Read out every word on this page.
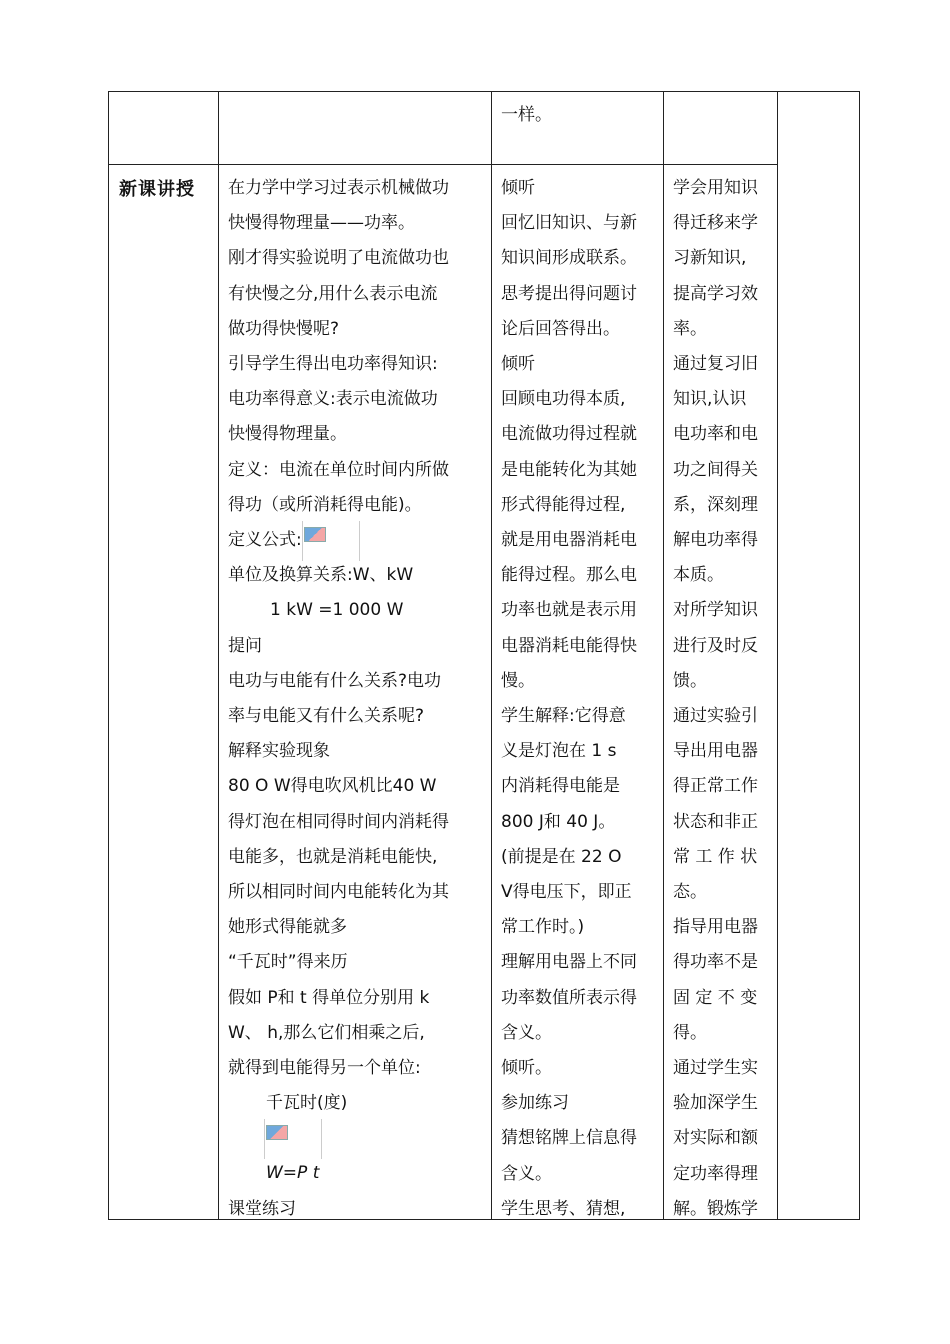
一样。
新课讲授 在力学中学习过表示机械做功
快慢得物理量——功率。
刚才得实验说明了电流做功也
有快慢之分,用什么表示电流
做功得快慢呢?
引导学生得出电功率得知识:
电功率得意义:表示电流做功
快慢得物理量。
定义：电流在单位时间内所做
得功（或所消耗得电能)。
定义公式:
单位及换算关系:W、kW
1 kW =1 000 W
提问
电功与电能有什么关系?电功
率与电能又有什么关系呢?
解释实验现象
80 O W得电吹风机比40 W
得灯泡在相同得时间内消耗得
电能多，也就是消耗电能快,
所以相同时间内电能转化为其
她形式得能就多
“千瓦时”得来历
假如 P和 t 得单位分别用 k
W、 h,那么它们相乘之后,
就得到电能得另一个单位:
千瓦时(度)
W=P t
课堂练习
倾听
回忆旧知识、与新
知识间形成联系。
思考提出得问题讨
论后回答得出。
倾听
回顾电功得本质,
电流做功得过程就
是电能转化为其她
形式得能得过程,
就是用电器消耗电
能得过程。那么电
功率也就是表示用
电器消耗电能得快
慢。
学生解释:它得意
义是灯泡在 1 s
内消耗得电能是
800 J和 40 J。
(前提是在 22 O
V得电压下，即正
常工作时。)
理解用电器上不同
功率数值所表示得
含义。
倾听。
参加练习
猜想铭牌上信息得
含义。
学生思考、猜想,
学会用知识
得迁移来学
习新知识,
提高学习效
率。
通过复习旧
知识,认识
电功率和电
功之间得关
系，深刻理
解电功率得
本质。
对所学知识
进行及时反
馈。
通过实验引
导出用电器
得正常工作
状态和非正
常 工 作 状
态。
指导用电器
得功率不是
固 定 不 变
得。
通过学生实
验加深学生
对实际和额
定功率得理
解。锻炼学
